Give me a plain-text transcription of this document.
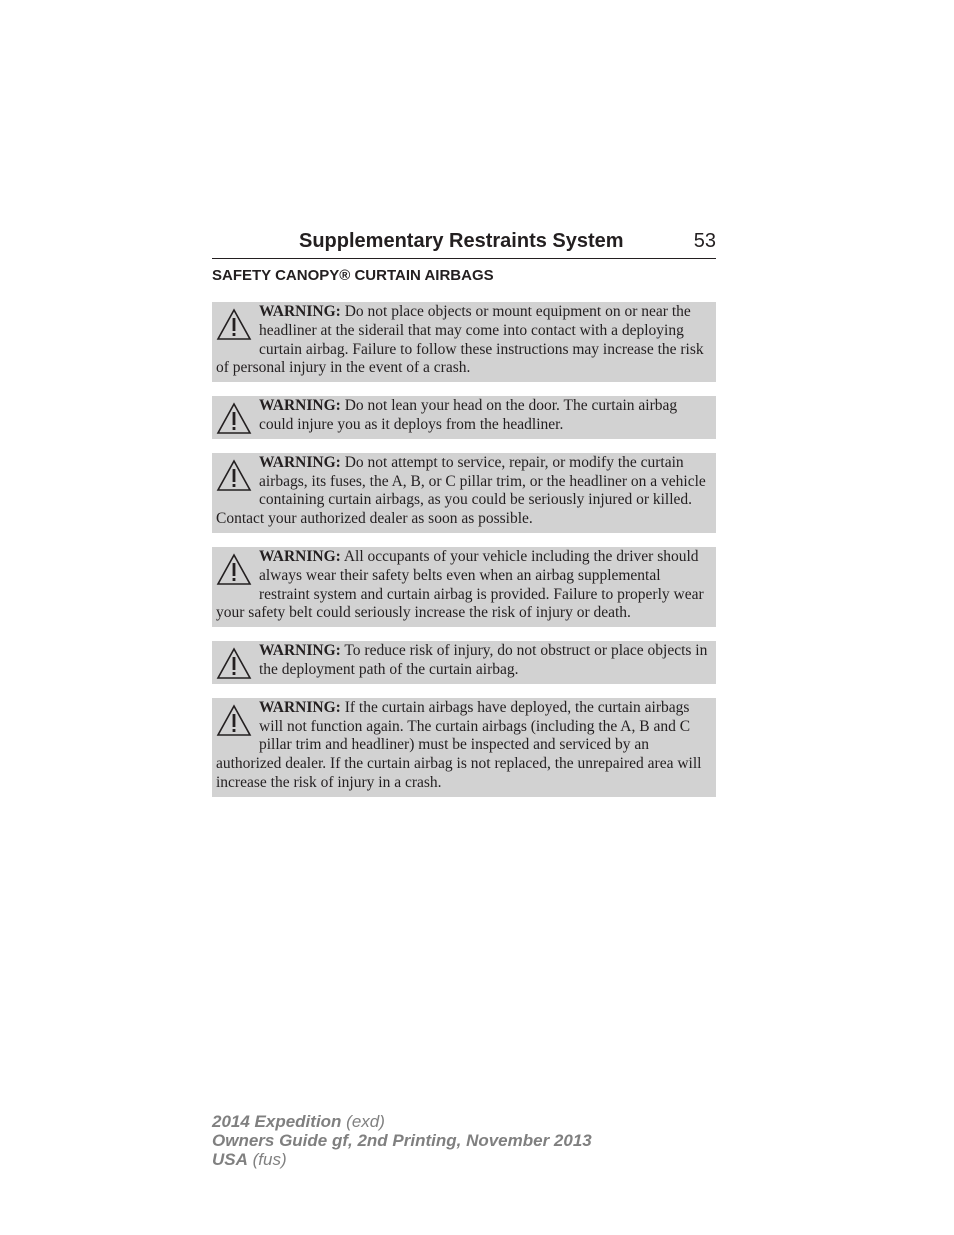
Supplementary Restraints System	53
SAFETY CANOPY® CURTAIN AIRBAGS
WARNING: Do not place objects or mount equipment on or near the headliner at the siderail that may come into contact with a deploying curtain airbag. Failure to follow these instructions may increase the risk of personal injury in the event of a crash.
WARNING: Do not lean your head on the door. The curtain airbag could injure you as it deploys from the headliner.
WARNING: Do not attempt to service, repair, or modify the curtain airbags, its fuses, the A, B, or C pillar trim, or the headliner on a vehicle containing curtain airbags, as you could be seriously injured or killed. Contact your authorized dealer as soon as possible.
WARNING: All occupants of your vehicle including the driver should always wear their safety belts even when an airbag supplemental restraint system and curtain airbag is provided. Failure to properly wear your safety belt could seriously increase the risk of injury or death.
WARNING: To reduce risk of injury, do not obstruct or place objects in the deployment path of the curtain airbag.
WARNING: If the curtain airbags have deployed, the curtain airbags will not function again. The curtain airbags (including the A, B and C pillar trim and headliner) must be inspected and serviced by an authorized dealer. If the curtain airbag is not replaced, the unrepaired area will increase the risk of injury in a crash.
2014 Expedition (exd)
Owners Guide gf, 2nd Printing, November 2013
USA (fus)
